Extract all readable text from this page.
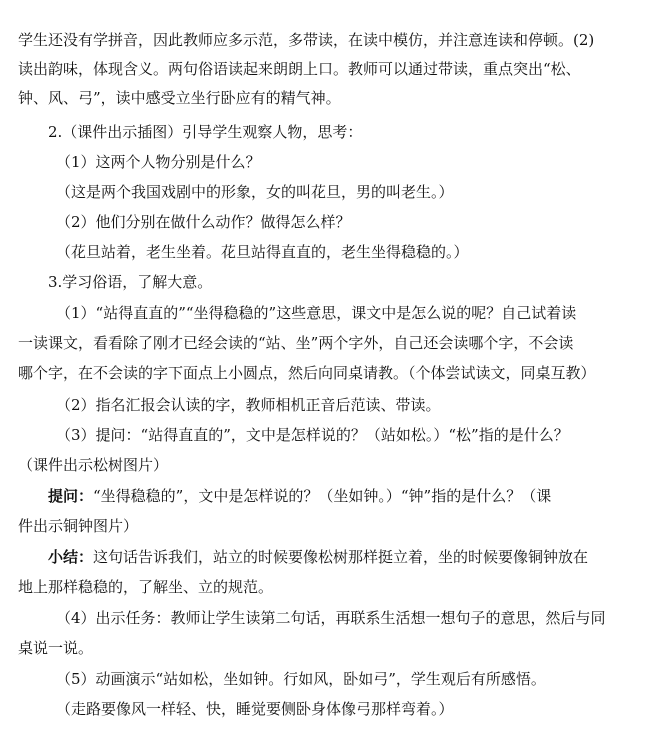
学生还没有学拼音，因此教师应多示范，多带读，在读中模仿，并注意连读和停顿。(2)
读出韵味，体现含义。两句俗语读起来朗朗上口。教师可以通过带读，重点突出“松、
钟、风、弓”，读中感受立坐行卧应有的精气神。
2.（课件出示插图）引导学生观察人物，思考：
（1）这两个人物分别是什么？
（这是两个我国戏剧中的形象，女的叫花旦，男的叫老生。）
（2）他们分别在做什么动作？做得怎么样？
（花旦站着，老生坐着。花旦站得直直的，老生坐得稳稳的。）
3.学习俗语，了解大意。
（1）“站得直直的”“坐得稳稳的”这些意思，课文中是怎么说的呢？自己试着读
一读课文，看看除了刚才已经会读的“站、坐”两个字外，自己还会读哪个字，不会读
哪个字，在不会读的字下面点上小圆点，然后向同桌请教。（个体尝试读文，同桌互教）
（2）指名汇报会认读的字，教师相机正音后范读、带读。
（3）提问：“站得直直的”，文中是怎样说的？（站如松。）“松”指的是什么？
（课件出示松树图片）
提问：“坐得稳稳的”，文中是怎样说的？（坐如钟。）“钟”指的是什么？（课
件出示铜钟图片）
小结：这句话告诉我们，站立的时候要像松树那样挺立着，坐的时候要像铜钟放在
地上那样稳稳的，了解坐、立的规范。
（4）出示任务：教师让学生读第二句话，再联系生活想一想句子的意思，然后与同
桌说一说。
（5）动画演示“站如松，坐如钟。行如风，卧如弓”，学生观后有所感悟。
（走路要像风一样轻、快，睡觉要侧卧身体像弓那样弯着。）
